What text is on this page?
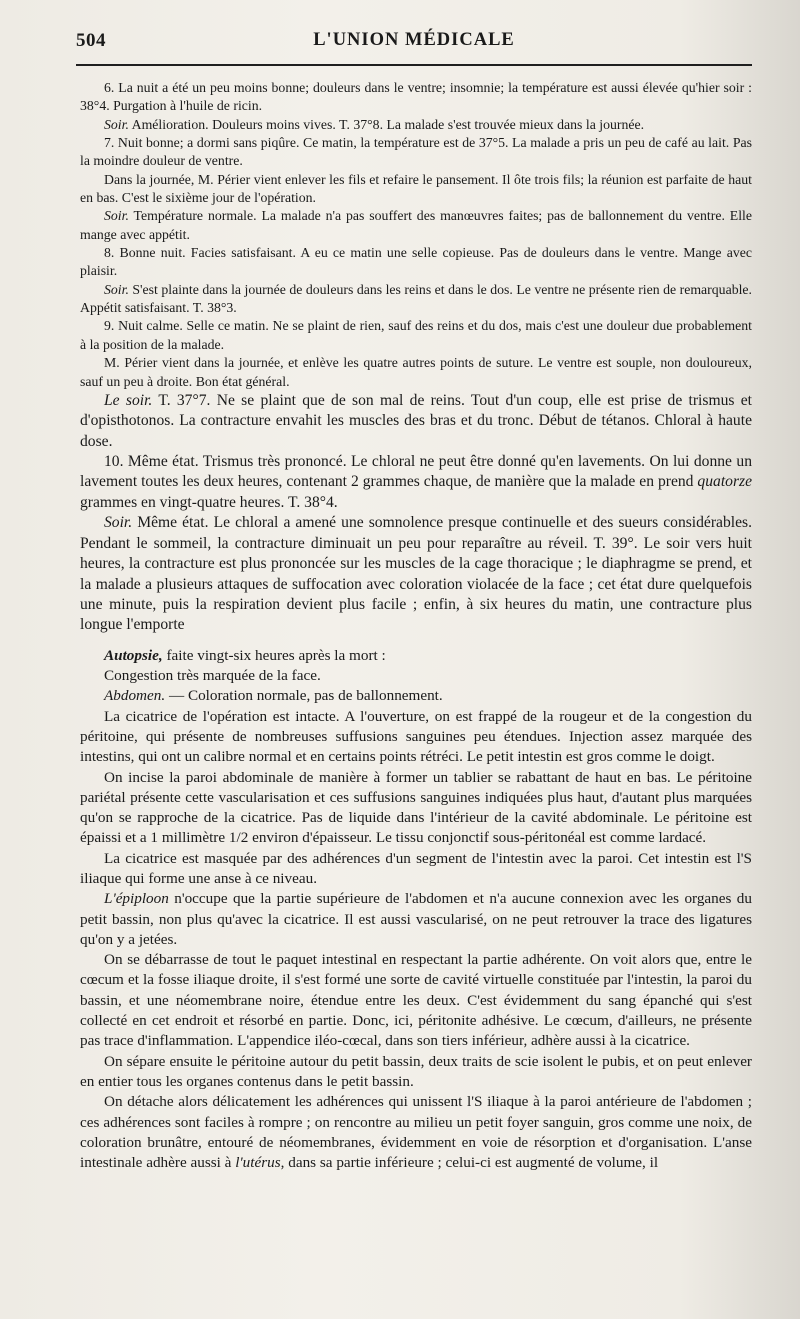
504	L'UNION MÉDICALE

6. La nuit a été un peu moins bonne; douleurs dans le ventre; insomnie; la température est aussi élevée qu'hier soir : 38°4. Purgation à l'huile de ricin.

Soir. Amélioration. Douleurs moins vives. T. 37°8. La malade s'est trouvée mieux dans la journée.

7. Nuit bonne; a dormi sans piqûre. Ce matin, la température est de 37°5. La malade a pris un peu de café au lait. Pas la moindre douleur de ventre.

Dans la journée, M. Périer vient enlever les fils et refaire le pansement. Il ôte trois fils; la réunion est parfaite de haut en bas. C'est le sixième jour de l'opération.

Soir. Température normale. La malade n'a pas souffert des manœuvres faites; pas de ballonnement du ventre. Elle mange avec appétit.

8. Bonne nuit. Facies satisfaisant. A eu ce matin une selle copieuse. Pas de douleurs dans le ventre. Mange avec plaisir.

Soir. S'est plainte dans la journée de douleurs dans les reins et dans le dos. Le ventre ne présente rien de remarquable. Appétit satisfaisant. T. 38°3.

9. Nuit calme. Selle ce matin. Ne se plaint de rien, sauf des reins et du dos, mais c'est une douleur due probablement à la position de la malade.

M. Périer vient dans la journée, et enlève les quatre autres points de suture. Le ventre est souple, non douloureux, sauf un peu à droite. Bon état général.

Le soir. T. 37°7. Ne se plaint que de son mal de reins. Tout d'un coup, elle est prise de trismus et d'opisthotonos. La contracture envahit les muscles des bras et du tronc. Début de tétanos. Chloral à haute dose.

10. Même état. Trismus très prononcé. Le chloral ne peut être donné qu'en lavements. On lui donne un lavement toutes les deux heures, contenant 2 grammes chaque, de manière que la malade en prend quatorze grammes en vingt-quatre heures. T. 38°4.

Soir. Même état. Le chloral a amené une somnolence presque continuelle et des sueurs considérables. Pendant le sommeil, la contracture diminuait un peu pour reparaître au réveil. T. 39°. Le soir vers huit heures, la contracture est plus prononcée sur les muscles de la cage thoracique ; le diaphragme se prend, et la malade a plusieurs attaques de suffocation avec coloration violacée de la face ; cet état dure quelquefois une minute, puis la respiration devient plus facile ; enfin, à six heures du matin, une contracture plus longue l'emporte

Autopsie, faite vingt-six heures après la mort :

Congestion très marquée de la face.

Abdomen. — Coloration normale, pas de ballonnement.

La cicatrice de l'opération est intacte. A l'ouverture, on est frappé de la rougeur et de la congestion du péritoine, qui présente de nombreuses suffusions sanguines peu étendues. Injection assez marquée des intestins, qui ont un calibre normal et en certains points rétréci. Le petit intestin est gros comme le doigt.

On incise la paroi abdominale de manière à former un tablier se rabattant de haut en bas. Le péritoine pariétal présente cette vascularisation et ces suffusions sanguines indiquées plus haut, d'autant plus marquées qu'on se rapproche de la cicatrice. Pas de liquide dans l'intérieur de la cavité abdominale. Le péritoine est épaissi et a 1 millimètre 1/2 environ d'épaisseur. Le tissu conjonctif sous-péritonéal est comme lardacé.

La cicatrice est masquée par des adhérences d'un segment de l'intestin avec la paroi. Cet intestin est l'S iliaque qui forme une anse à ce niveau.

L'épiploon n'occupe que la partie supérieure de l'abdomen et n'a aucune connexion avec les organes du petit bassin, non plus qu'avec la cicatrice. Il est aussi vascularisé, on ne peut retrouver la trace des ligatures qu'on y a jetées.

On se débarrasse de tout le paquet intestinal en respectant la partie adhérente. On voit alors que, entre le cœcum et la fosse iliaque droite, il s'est formé une sorte de cavité virtuelle constituée par l'intestin, la paroi du bassin, et une néomembrane noire, étendue entre les deux. C'est évidemment du sang épanché qui s'est collecté en cet endroit et résorbé en partie. Donc, ici, péritonite adhésive. Le cœcum, d'ailleurs, ne présente pas trace d'inflammation. L'appendice iléo-cœcal, dans son tiers inférieur, adhère aussi à la cicatrice.

On sépare ensuite le péritoine autour du petit bassin, deux traits de scie isolent le pubis, et on peut enlever en entier tous les organes contenus dans le petit bassin.

On détache alors délicatement les adhérences qui unissent l'S iliaque à la paroi antérieure de l'abdomen ; ces adhérences sont faciles à rompre ; on rencontre au milieu un petit foyer sanguin, gros comme une noix, de coloration brunâtre, entouré de néomembranes, évidemment en voie de résorption et d'organisation. L'anse intestinale adhère aussi à l'utérus, dans sa partie inférieure ; celui-ci est augmenté de volume, il
